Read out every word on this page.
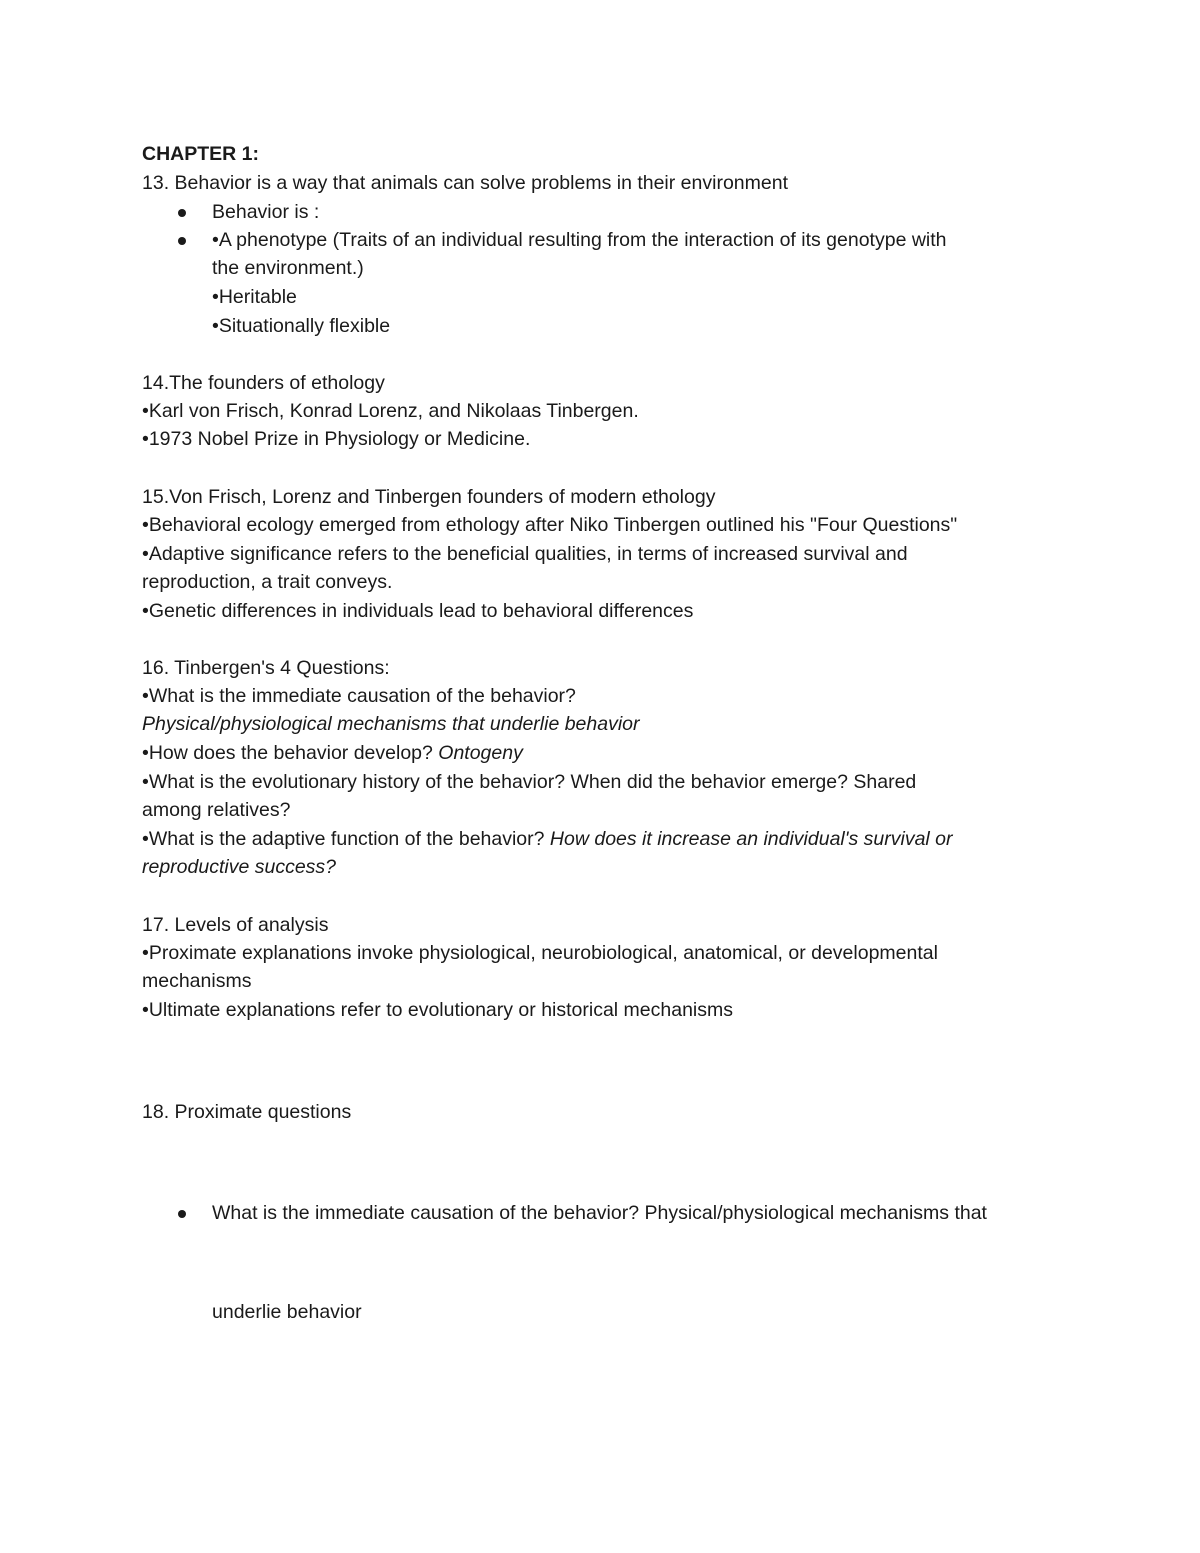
CHAPTER 1:
13. Behavior is a way that animals can solve problems in their environment
Behavior is :
•A phenotype (Traits of an individual resulting from the interaction of its genotype with
the environment.)
•Heritable
•Situationally flexible
14.The founders of ethology
•Karl von Frisch, Konrad Lorenz, and Nikolaas Tinbergen.
•1973 Nobel Prize in Physiology or Medicine.
15.Von Frisch, Lorenz and Tinbergen founders of modern ethology
•Behavioral ecology emerged from ethology after Niko Tinbergen outlined his "Four Questions"
•Adaptive significance refers to the beneficial qualities, in terms of increased survival and
reproduction, a trait conveys.
•Genetic differences in individuals lead to behavioral differences
16. Tinbergen's 4 Questions:
•What is the immediate causation of the behavior?
Physical/physiological mechanisms that underlie behavior
•How does the behavior develop? Ontogeny
•What is the evolutionary history of the behavior? When did the behavior emerge? Shared
among relatives?
•What is the adaptive function of the behavior? How does it increase an individual's survival or
reproductive success?
17. Levels of analysis
•Proximate explanations invoke physiological, neurobiological, anatomical, or developmental
mechanisms
•Ultimate explanations refer to evolutionary or historical mechanisms
18. Proximate questions
What is the immediate causation of the behavior? Physical/physiological mechanisms that
underlie behavior
